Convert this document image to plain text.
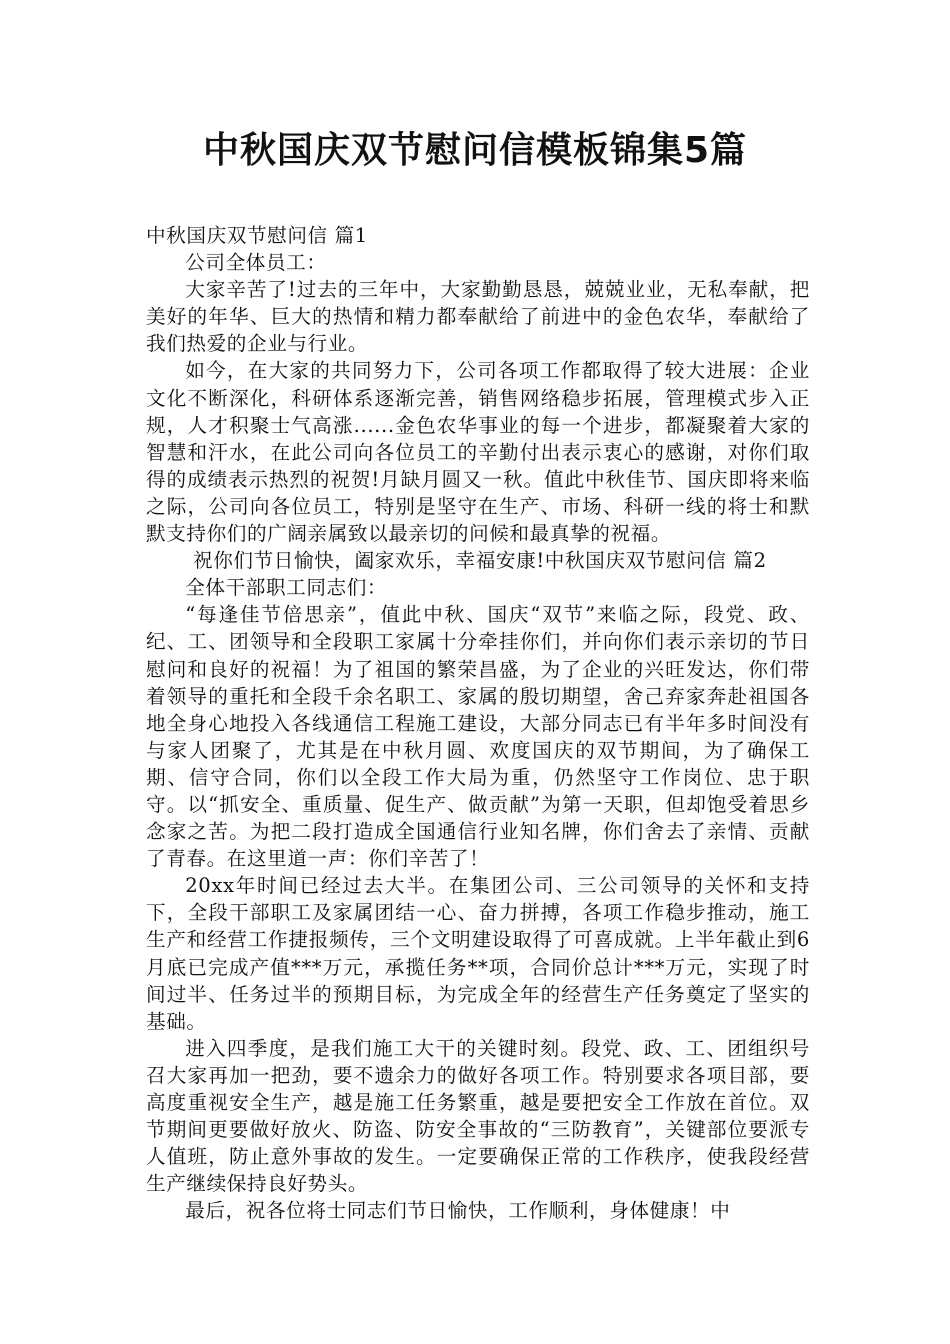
中秋国庆双节慰问信模板锦集5篇

中秋国庆双节慰问信 篇1

公司全体员工：

大家辛苦了!过去的三年中，大家勤勤恳恳，兢兢业业，无私奉献，把美好的年华、巨大的热情和精力都奉献给了前进中的金色农华，奉献给了我们热爱的企业与行业。

如今，在大家的共同努力下，公司各项工作都取得了较大进展：企业文化不断深化，科研体系逐渐完善，销售网络稳步拓展，管理模式步入正规，人才积聚士气高涨......金色农华事业的每一个进步，都凝聚着大家的智慧和汗水，在此公司向各位员工的辛勤付出表示衷心的感谢，对你们取得的成绩表示热烈的祝贺!月缺月圆又一秋。值此中秋佳节、国庆即将来临之际，公司向各位员工，特别是坚守在生产、市场、科研一线的将士和默默支持你们的广阔亲属致以最亲切的问候和最真挚的祝福。

祝你们节日愉快，阖家欢乐，幸福安康!中秋国庆双节慰问信 篇2

全体干部职工同志们：

“每逢佳节倍思亲”，值此中秋、国庆“双节”来临之际，段党、政、纪、工、团领导和全段职工家属十分牵挂你们，并向你们表示亲切的节日慰问和良好的祝福！为了祖国的繁荣昌盛，为了企业的兴旺发达，你们带着领导的重托和全段千余名职工、家属的殷切期望，舍己弃家奔赴祖国各地全身心地投入各线通信工程施工建设，大部分同志已有半年多时间没有与家人团聚了，尤其是在中秋月圆、欢度国庆的双节期间，为了确保工期、信守合同，你们以全段工作大局为重，仍然坚守工作岗位、忠于职守。以“抓安全、重质量、促生产、做贡献”为第一天职，但却饱受着思乡念家之苦。为把二段打造成全国通信行业知名牌，你们舍去了亲情、贡献了青春。在这里道一声：你们辛苦了！

20xx年时间已经过去大半。在集团公司、三公司领导的关怀和支持下，全段干部职工及家属团结一心、奋力拼搏，各项工作稳步推动，施工生产和经营工作捷报频传，三个文明建设取得了可喜成就。上半年截止到6月底已完成产值***万元，承揽任务**项，合同价总计***万元，实现了时间过半、任务过半的预期目标，为完成全年的经营生产任务奠定了坚实的基础。

进入四季度，是我们施工大干的关键时刻。段党、政、工、团组织号召大家再加一把劲，要不遗余力的做好各项工作。特别要求各项目部，要高度重视安全生产，越是施工任务繁重，越是要把安全工作放在首位。双节期间更要做好放火、防盗、防安全事故的“三防教育”，关键部位要派专人值班，防止意外事故的发生。一定要确保正常的工作秩序，使我段经营生产继续保持良好势头。

最后，祝各位将士同志们节日愉快，工作顺利，身体健康！中
